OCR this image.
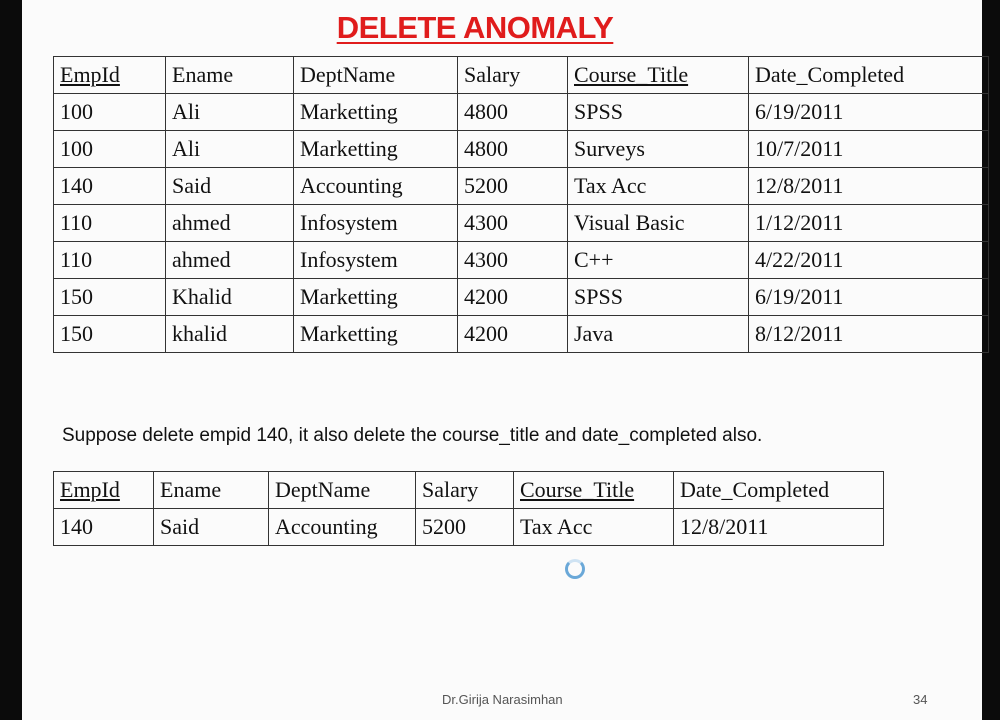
DELETE ANOMALY
EmpId	Ename	DeptName	Salary	Course_Title	Date_Completed
100	Ali	Marketting	4800	SPSS	6/19/2011
100	Ali	Marketting	4800	Surveys	10/7/2011
140	Said	Accounting	5200	Tax Acc	12/8/2011
110	ahmed	Infosystem	4300	Visual Basic	1/12/2011
110	ahmed	Infosystem	4300	C++	4/22/2011
150	Khalid	Marketting	4200	SPSS	6/19/2011
150	khalid	Marketting	4200	Java	8/12/2011
Suppose delete empid 140, it also delete the course_title and date_completed also.
EmpId	Ename	DeptName	Salary	Course_Title	Date_Completed
140	Said	Accounting	5200	Tax Acc	12/8/2011
Dr.Girija Narasimhan	34
